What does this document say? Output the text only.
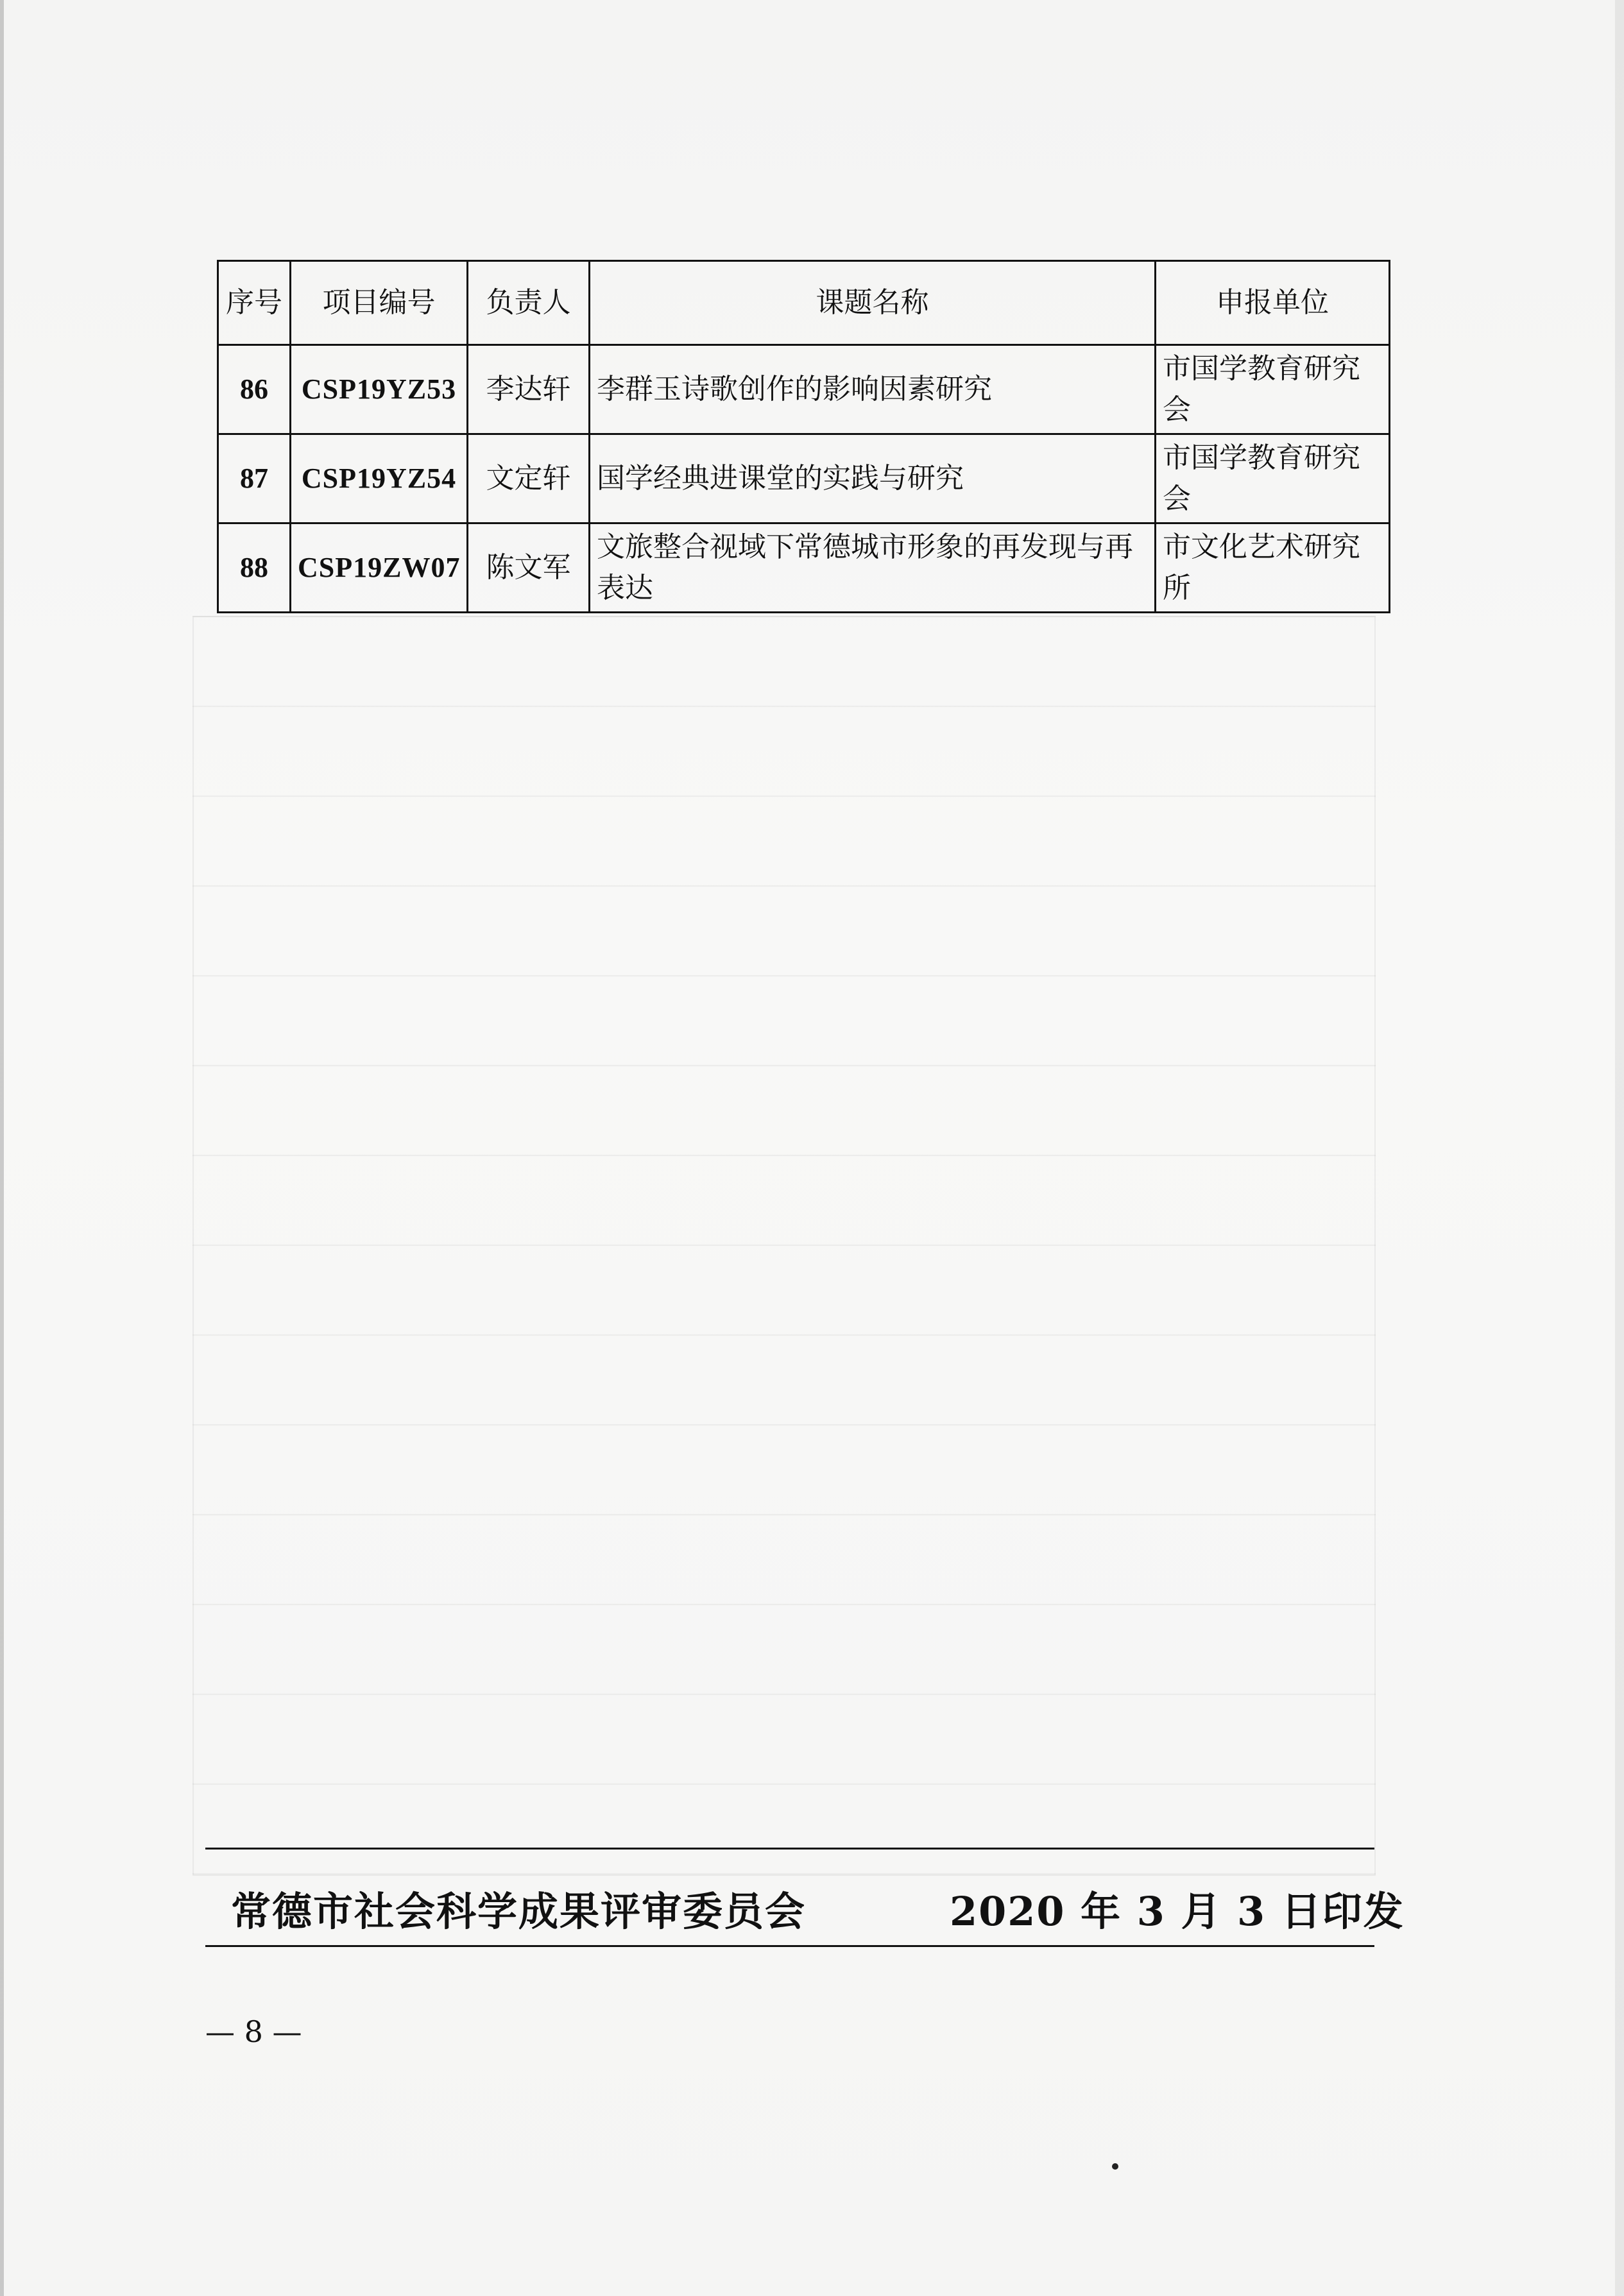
序号	项目编号	负责人	课题名称	申报单位
86	CSP19YZ53	李达轩	李群玉诗歌创作的影响因素研究	市国学教育研究会
87	CSP19YZ54	文定轩	国学经典进课堂的实践与研究	市国学教育研究会
88	CSP19ZW07	陈文军	文旅整合视域下常德城市形象的再发现与再表达	市文化艺术研究所
常德市社会科学成果评审委员会	2020 年 3 月 3 日印发
— 8 —
